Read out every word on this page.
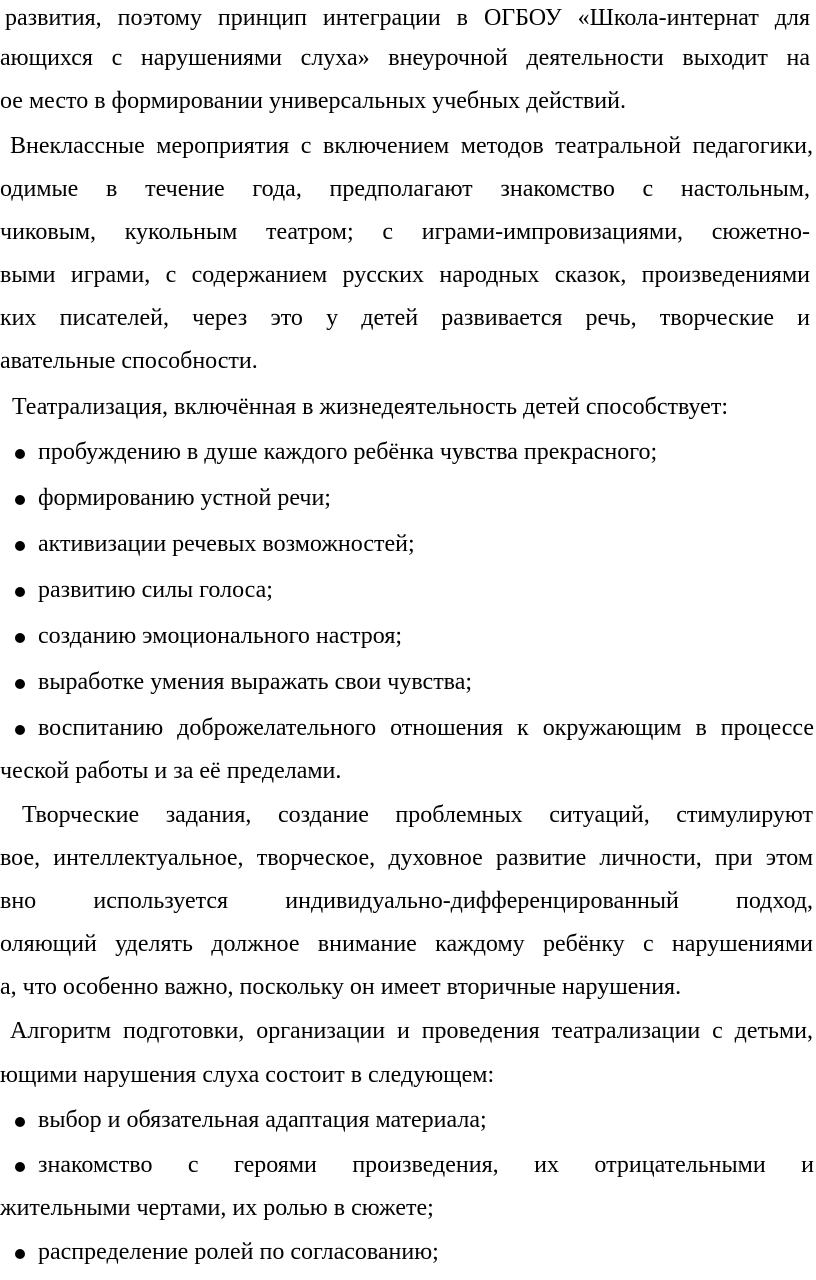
развития, поэтому принцип интеграции в ОГБОУ «Школа-интернат для
ающихся с нарушениями слуха» внеурочной деятельности выходит на
ое место в формировании универсальных учебных действий.
Внеклассные мероприятия с включением методов театральной педагогики,
одимые в течение года, предполагают знакомство с настольным,
чиковым, кукольным театром; с играми-импровизациями, сюжетно-
выми играми, с содержанием русских народных сказок, произведениями
ких писателей, через это у детей развивается речь, творческие и
авательные способности.
Театрализация, включённая в жизнедеятельность детей способствует:
пробуждению в душе каждого ребёнка чувства прекрасного;
формированию устной речи;
активизации речевых возможностей;
развитию силы голоса;
созданию эмоционального настроя;
выработке умения выражать свои чувства;
воспитанию доброжелательного отношения к окружающим в процессе
ческой работы и за её пределами.
Творческие задания, создание проблемных ситуаций, стимулируют
вое, интеллектуальное, творческое, духовное развитие личности, при этом
вно используется индивидуально-дифференцированный подход,
оляющий уделять должное внимание каждому ребёнку с нарушениями
а, что особенно важно, поскольку он имеет вторичные нарушения.
Алгоритм подготовки, организации и проведения театрализации с детьми,
ющими нарушения слуха состоит в следующем:
выбор и обязательная адаптация материала;
знакомство с героями произведения, их отрицательными и
жительными чертами, их ролью в сюжете;
распределение ролей по согласованию;
